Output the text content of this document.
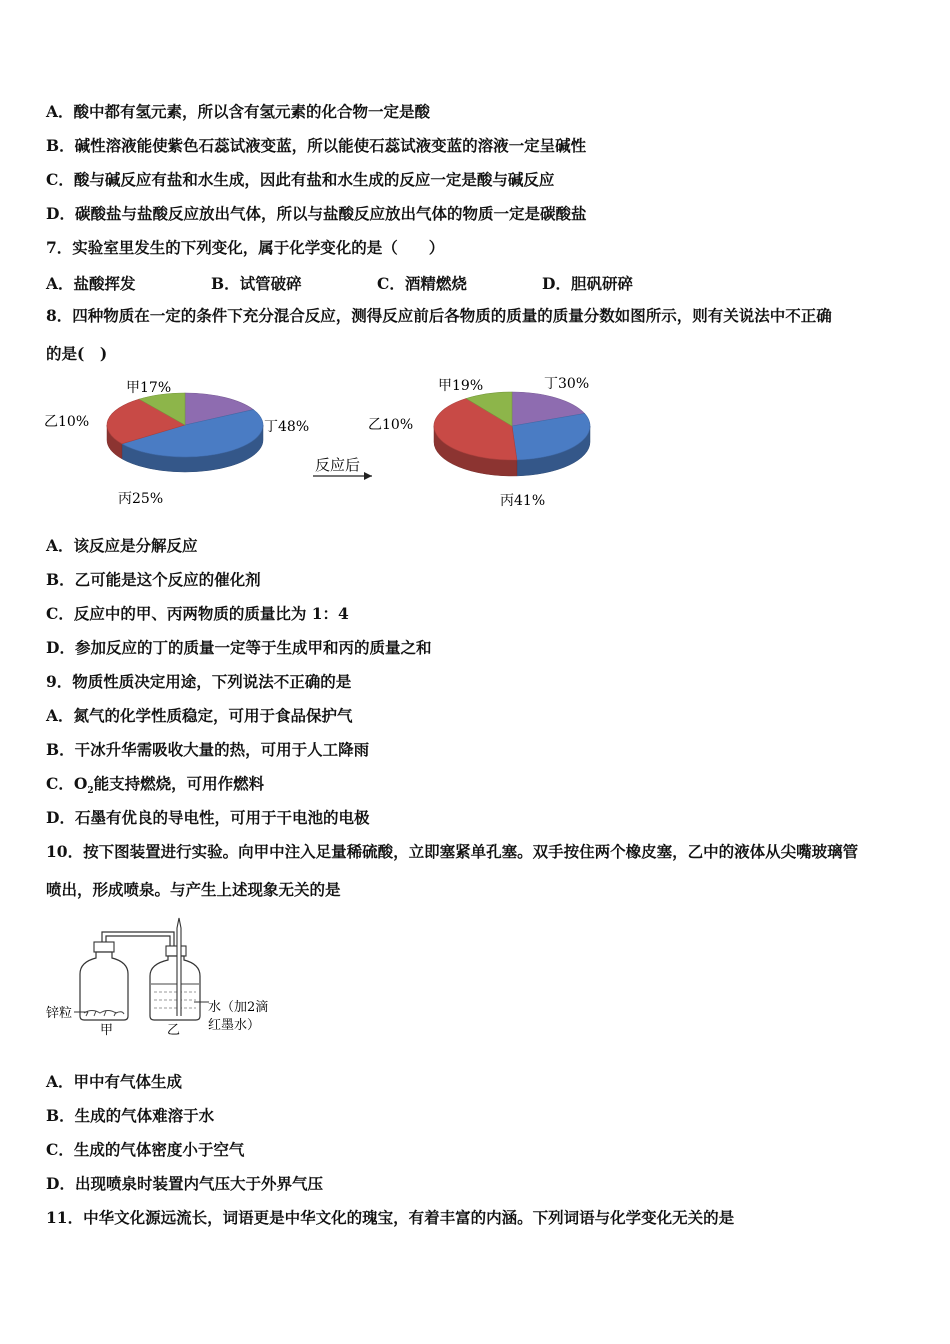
A．酸中都有氢元素，所以含有氢元素的化合物一定是酸
B．碱性溶液能使紫色石蕊试液变蓝，所以能使石蕊试液变蓝的溶液一定呈碱性
C．酸与碱反应有盐和水生成，因此有盐和水生成的反应一定是酸与碱反应
D．碳酸盐与盐酸反应放出气体，所以与盐酸反应放出气体的物质一定是碳酸盐
7．实验室里发生的下列变化，属于化学变化的是（　　）
A．盐酸挥发	B．试管破碎	C．酒精燃烧	D．胆矾研碎
8．四种物质在一定的条件下充分混合反应，测得反应前后各物质的质量的质量分数如图所示，则有关说法中不正确
的是(　)
甲17%
乙10%
丙25%
丁48%
反应后
甲19%
乙10%
丙41%
丁30%
A．该反应是分解反应
B．乙可能是这个反应的催化剂
C．反应中的甲、丙两物质的质量比为 1：4
D．参加反应的丁的质量一定等于生成甲和丙的质量之和
9．物质性质决定用途，下列说法不正确的是
A．氮气的化学性质稳定，可用于食品保护气
B．干冰升华需吸收大量的热，可用于人工降雨
C．$O_2$能支持燃烧，可用作燃料
D．石墨有优良的导电性，可用于干电池的电极
10．按下图装置进行实验。向甲中注入足量稀硫酸，立即塞紧单孔塞。双手按住两个橡皮塞，乙中的液体从尖嘴玻璃管
喷出，形成喷泉。与产生上述现象无关的是
锌粒
甲	乙
水（加2滴
红墨水）
A．甲中有气体生成
B．生成的气体难溶于水
C．生成的气体密度小于空气
D．出现喷泉时装置内气压大于外界气压
11．中华文化源远流长，词语更是中华文化的瑰宝，有着丰富的内涵。下列词语与化学变化无关的是
